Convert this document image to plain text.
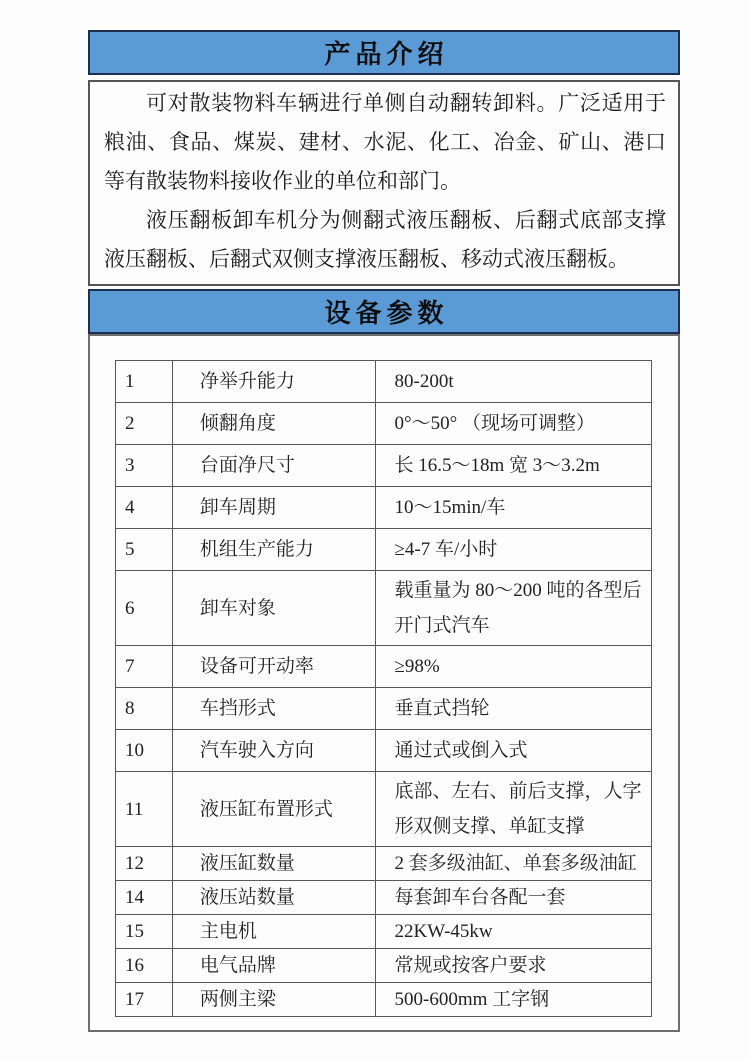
产品介绍

可对散装物料车辆进行单侧自动翻转卸料。广泛适用于粮油、食品、煤炭、建材、水泥、化工、冶金、矿山、港口等有散装物料接收作业的单位和部门。

液压翻板卸车机分为侧翻式液压翻板、后翻式底部支撑液压翻板、后翻式双侧支撑液压翻板、移动式液压翻板。

设备参数
1	净举升能力	80-200t
2	倾翻角度	0°～50° （现场可调整）
3	台面净尺寸	长 16.5～18m 宽 3～3.2m
4	卸车周期	10～15min/车
5	机组生产能力	≥4-7 车/小时
6	卸车对象	载重量为 80～200 吨的各型后开门式汽车
7	设备可开动率	≥98%
8	车挡形式	垂直式挡轮
10	汽车驶入方向	通过式或倒入式
11	液压缸布置形式	底部、左右、前后支撑，人字形双侧支撑、单缸支撑
12	液压缸数量	2 套多级油缸、单套多级油缸
14	液压站数量	每套卸车台各配一套
15	主电机	22KW-45kw
16	电气品牌	常规或按客户要求
17	两侧主梁	500-600mm 工字钢
